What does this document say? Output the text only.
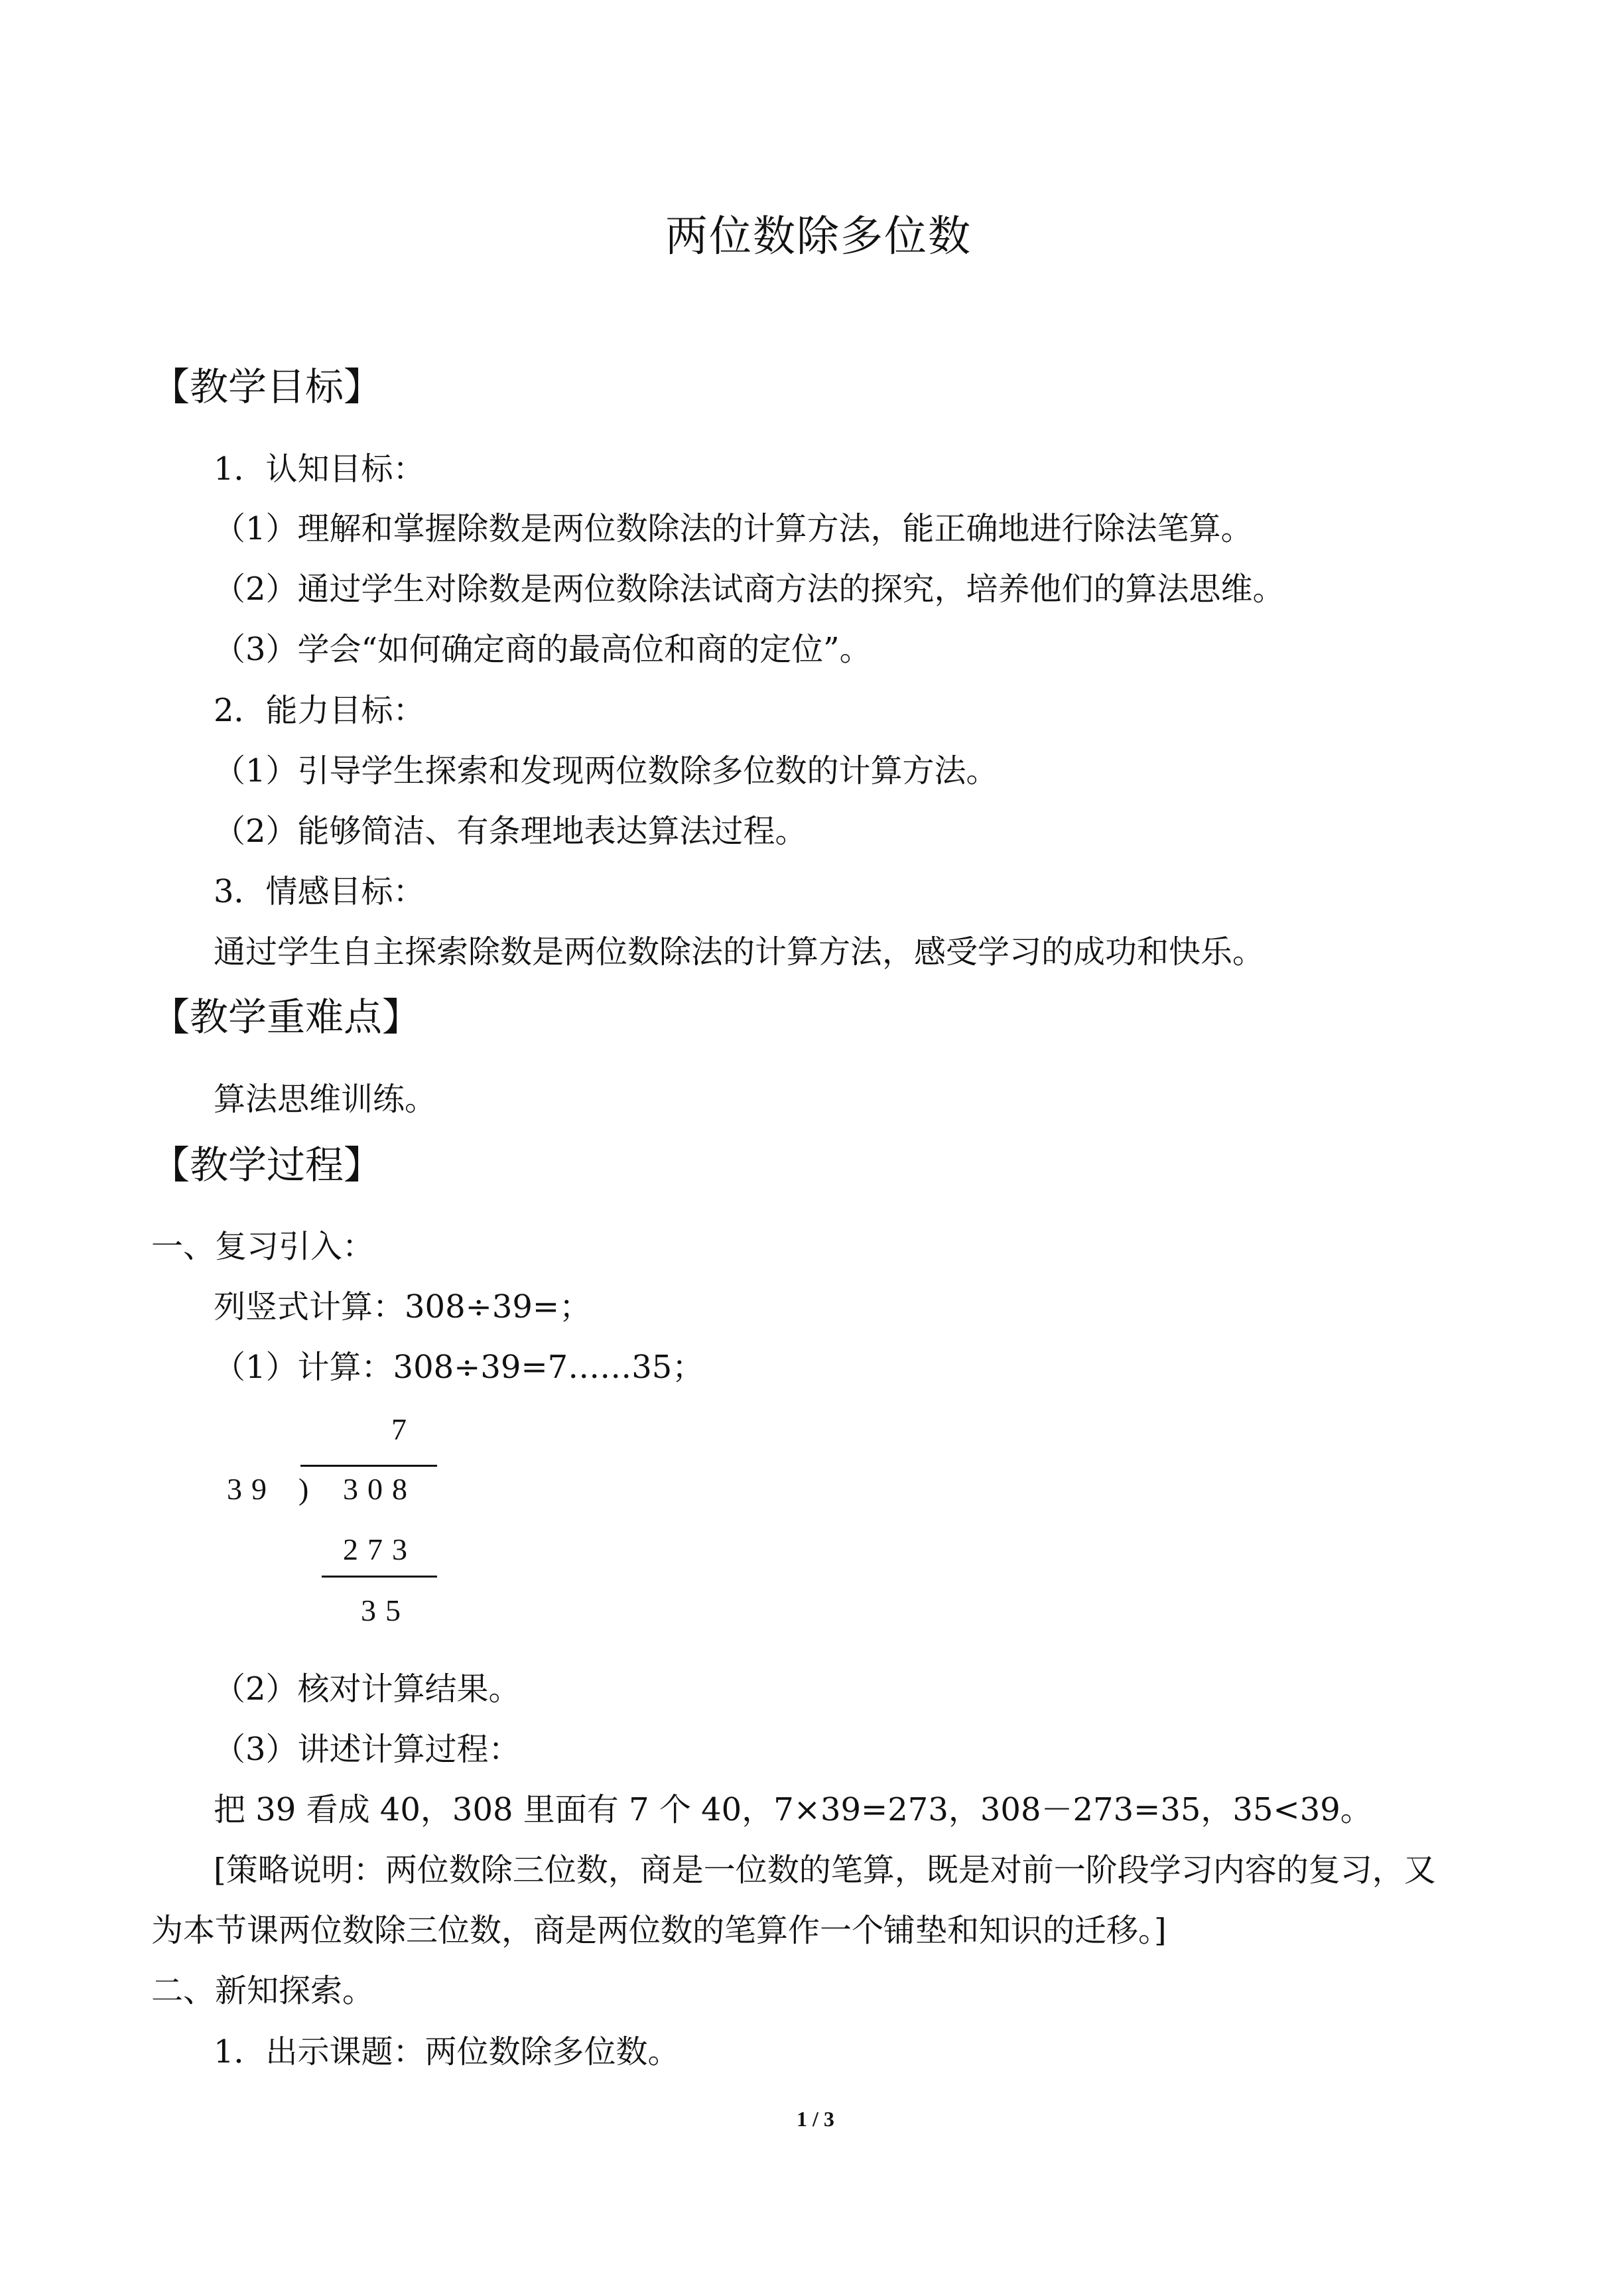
两位数除多位数
【教学目标】
1．认知目标：
（1）理解和掌握除数是两位数除法的计算方法，能正确地进行除法笔算。
（2）通过学生对除数是两位数除法试商方法的探究，培养他们的算法思维。
（3）学会“如何确定商的最高位和商的定位”。
2．能力目标：
（1）引导学生探索和发现两位数除多位数的计算方法。
（2）能够简洁、有条理地表达算法过程。
3．情感目标：
通过学生自主探索除数是两位数除法的计算方法，感受学习的成功和快乐。
【教学重难点】
算法思维训练。
【教学过程】
一、复习引入：
列竖式计算：308÷39=；
（1）计算：308÷39=7……35；
7
39 ) 308
273
35
（2）核对计算结果。
（3）讲述计算过程：
把 39 看成 40，308 里面有 7 个 40，7×39=273，308－273=35，35<39。
[策略说明：两位数除三位数，商是一位数的笔算，既是对前一阶段学习内容的复习，又
为本节课两位数除三位数，商是两位数的笔算作一个铺垫和知识的迁移。]
二、新知探索。
1．出示课题：两位数除多位数。
1 / 3
